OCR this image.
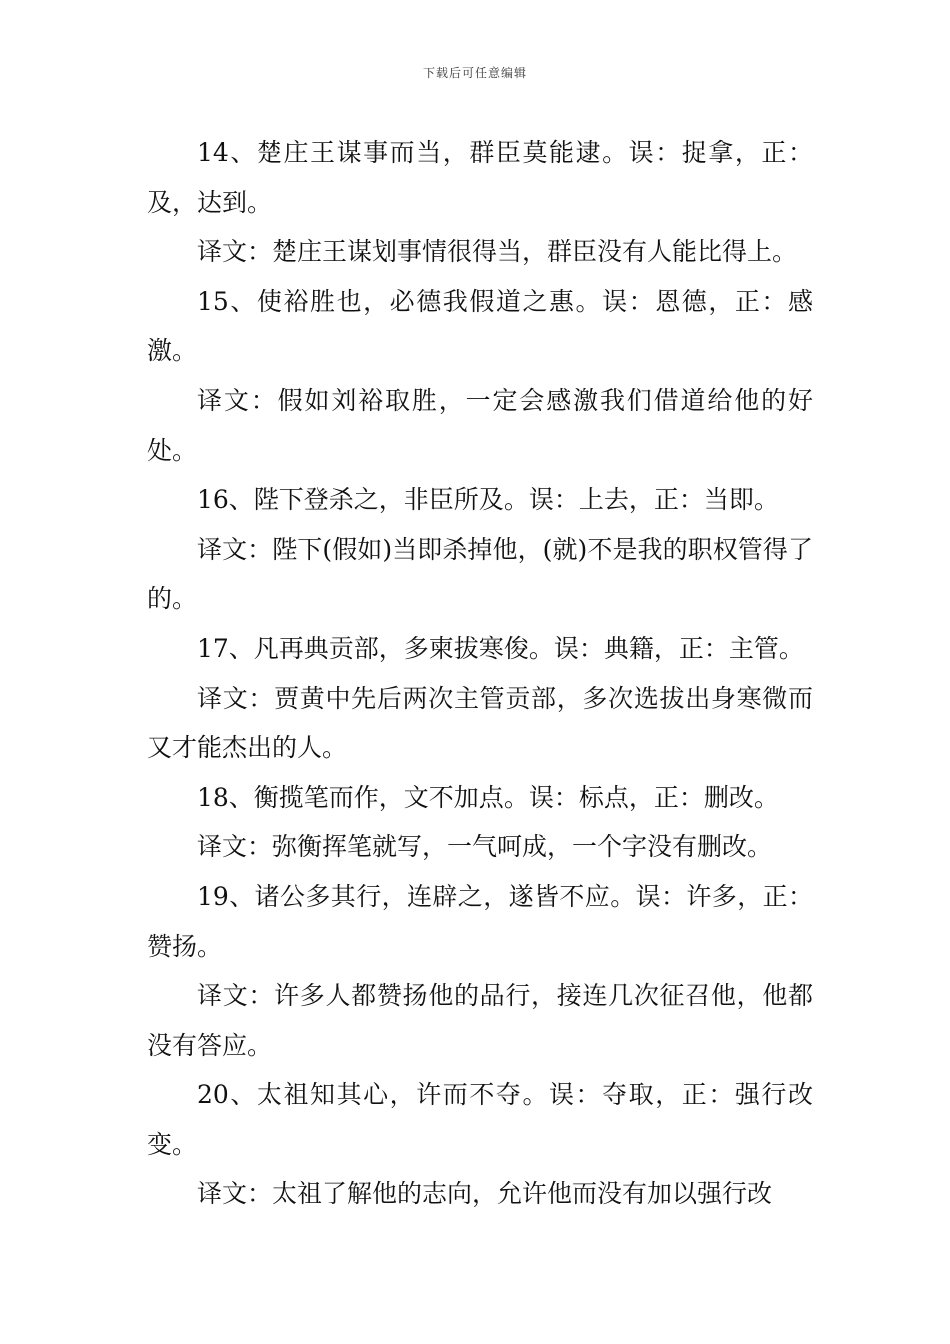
下载后可任意编辑

14、楚庄王谋事而当，群臣莫能逮。误：捉拿，正：及，达到。

译文：楚庄王谋划事情很得当，群臣没有人能比得上。

15、使裕胜也，必德我假道之惠。误：恩德，正：感激。

译文：假如刘裕取胜，一定会感激我们借道给他的好处。

16、陛下登杀之，非臣所及。误：上去，正：当即。

译文：陛下(假如)当即杀掉他，(就)不是我的职权管得了的。

17、凡再典贡部，多柬拔寒俊。误：典籍，正：主管。

译文：贾黄中先后两次主管贡部，多次选拔出身寒微而又才能杰出的人。

18、衡揽笔而作，文不加点。误：标点，正：删改。

译文：弥衡挥笔就写，一气呵成，一个字没有删改。

19、诸公多其行，连辟之，遂皆不应。误：许多，正：赞扬。

译文：许多人都赞扬他的品行，接连几次征召他，他都没有答应。

20、太祖知其心，许而不夺。误：夺取，正：强行改变。

译文：太祖了解他的志向，允许他而没有加以强行改
